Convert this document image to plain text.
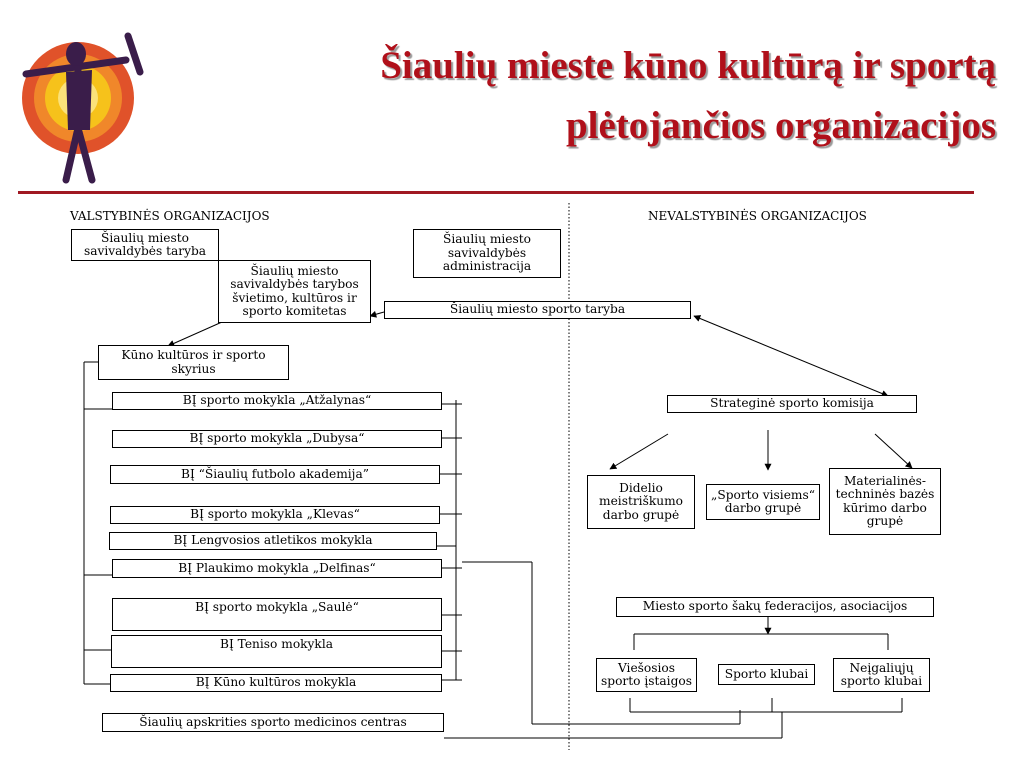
Šiaulių mieste kūno kultūrą ir sportą
plėtojančios organizacijos
VALSTYBINĖS ORGANIZACIJOS	NEVALSTYBINĖS ORGANIZACIJOS
Šiaulių miesto
savivaldybės taryba
Šiaulių miesto
savivaldybės tarybos
švietimo, kultūros ir
sporto komitetas
Šiaulių miesto
savivaldybės
administracija
Šiaulių miesto sporto taryba
Kūno kultūros ir sporto
skyrius
BĮ sporto mokykla „Atžalynas“
BĮ sporto mokykla „Dubysa“
BĮ “Šiaulių futbolo akademija”
BĮ sporto mokykla „Klevas“
BĮ Lengvosios atletikos mokykla
BĮ Plaukimo mokykla „Delfinas“
BĮ sporto mokykla „Saulė“
BĮ Teniso mokykla
BĮ Kūno kultūros mokykla
Šiaulių apskrities sporto medicinos centras
Strateginė sporto komisija
Didelio
meistriškumo
darbo grupė
„Sporto visiems“
darbo grupė
Materialinės-
techninės bazės
kūrimo darbo
grupė
Miesto sporto šakų federacijos, asociacijos
Viešosios
sporto įstaigos
Sporto klubai	Neįgaliųjų
sporto klubai
